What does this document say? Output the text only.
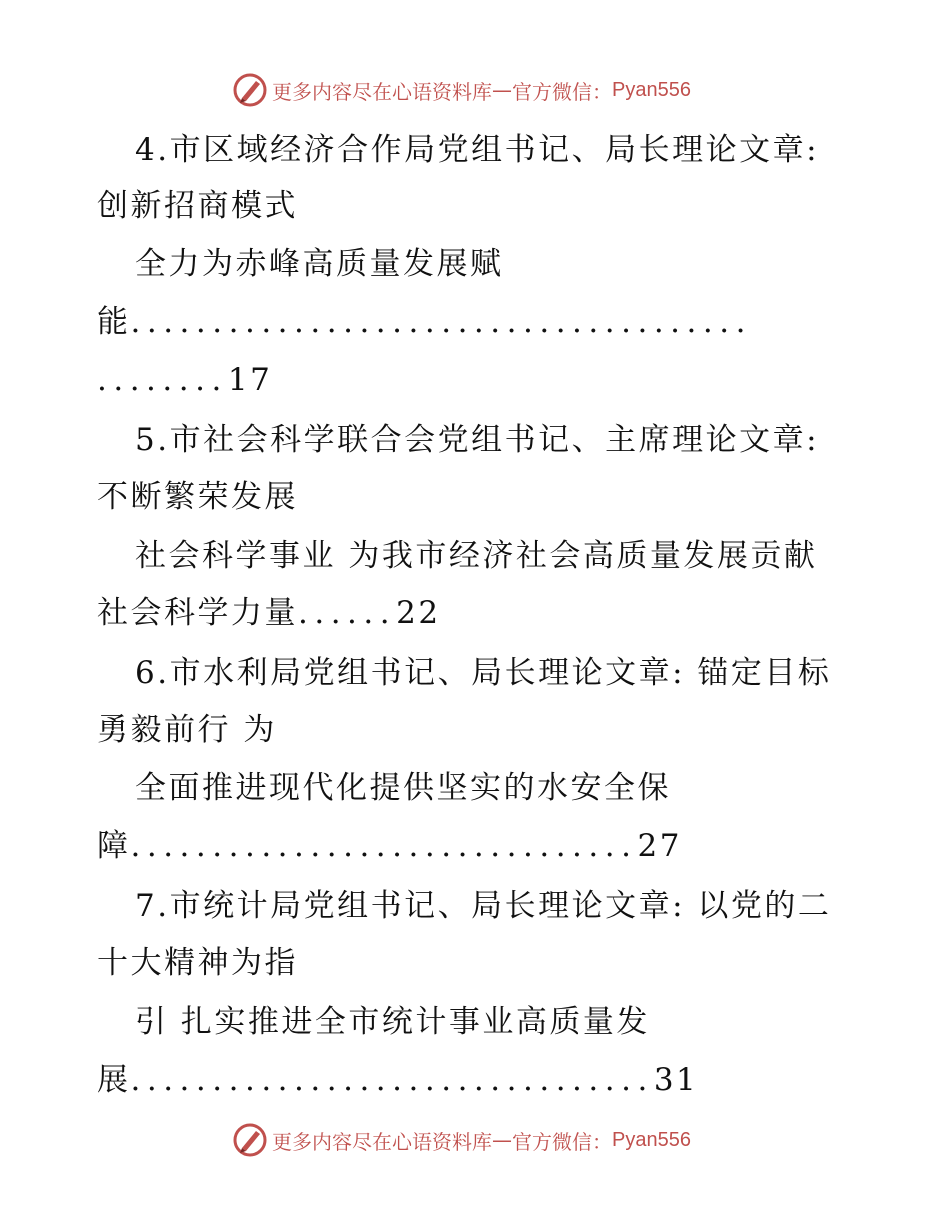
更多内容尽在心语资料库 — 官方微信： Pyan556
4.市区域经济合作局党组书记、局长理论文章:
创新招商模式
全力为赤峰高质量发展赋
能......................................
........17
5.市社会科学联合会党组书记、主席理论文章:
不断繁荣发展
社会科学事业 为我市经济社会高质量发展贡献
社会科学力量......22
6.市水利局党组书记、局长理论文章: 锚定目标
勇毅前行 为
全面推进现代化提供坚实的水安全保
障...............................27
7.市统计局党组书记、局长理论文章: 以党的二
十大精神为指
引 扎实推进全市统计事业高质量发
展................................31
更多内容尽在心语资料库 — 官方微信： Pyan556
